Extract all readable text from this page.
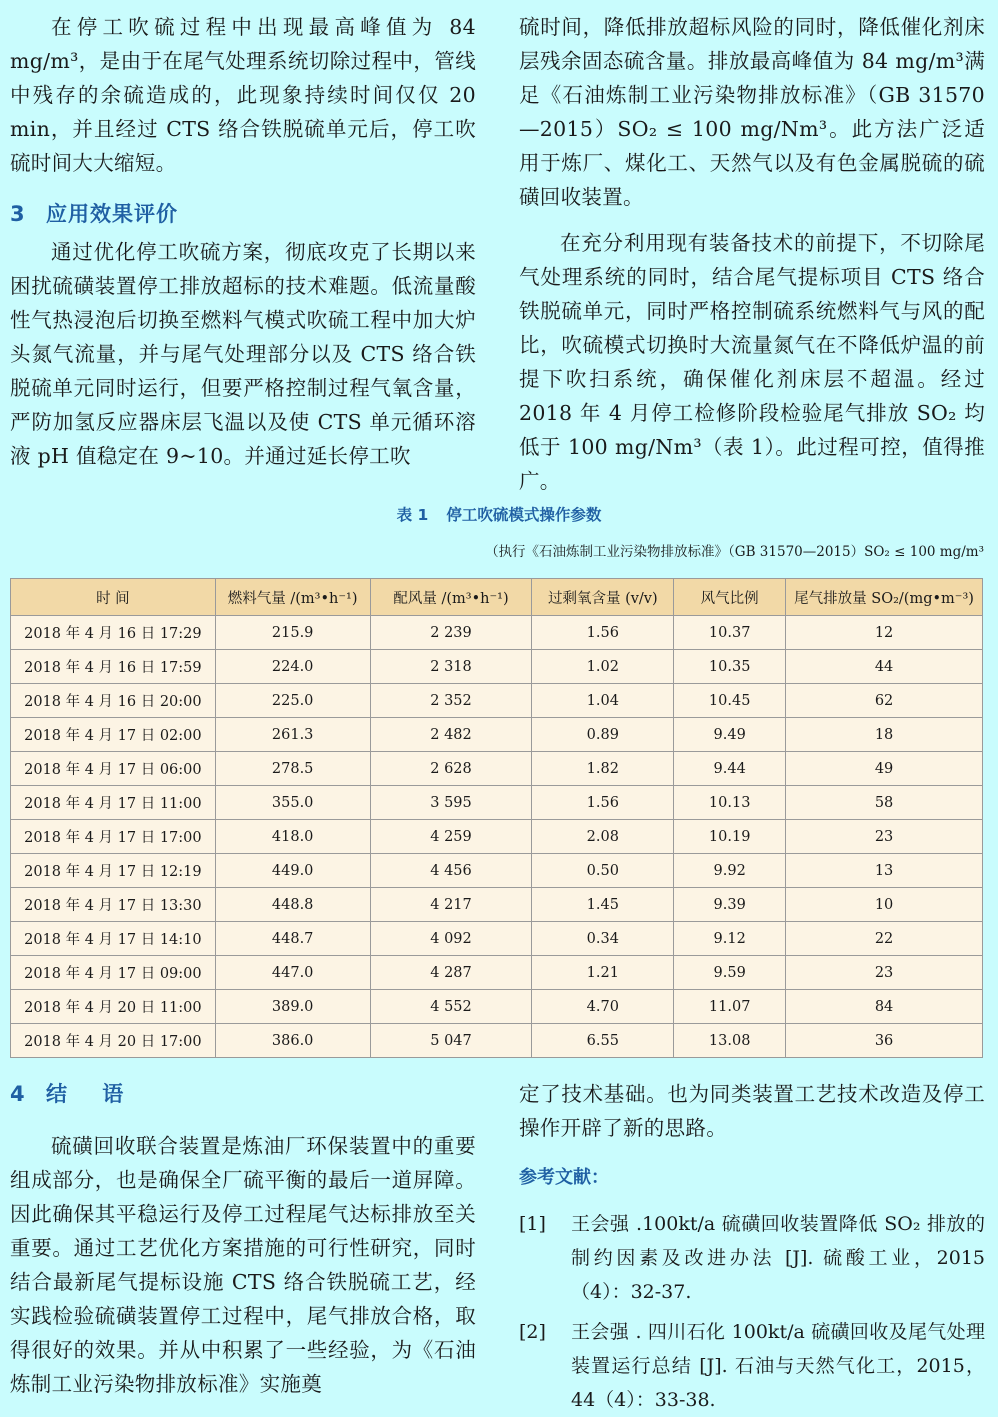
在停工吹硫过程中出现最高峰值为 84 mg/m³，是由于在尾气处理系统切除过程中，管线中残存的余硫造成的，此现象持续时间仅仅 20 min，并且经过 CTS 络合铁脱硫单元后，停工吹硫时间大大缩短。

3 应用效果评价

通过优化停工吹硫方案，彻底攻克了长期以来困扰硫磺装置停工排放超标的技术难题。低流量酸性气热浸泡后切换至燃料气模式吹硫工程中加大炉头氮气流量，并与尾气处理部分以及 CTS 络合铁脱硫单元同时运行，但要严格控制过程气氧含量，严防加氢反应器床层飞温以及使 CTS 单元循环溶液 pH 值稳定在 9~10。并通过延长停工吹

硫时间，降低排放超标风险的同时，降低催化剂床层残余固态硫含量。排放最高峰值为 84 mg/m³满足《石油炼制工业污染物排放标准》（GB 31570—2015）SO₂ ≤ 100 mg/Nm³。此方法广泛适用于炼厂、煤化工、天然气以及有色金属脱硫的硫磺回收装置。

在充分利用现有装备技术的前提下，不切除尾气处理系统的同时，结合尾气提标项目 CTS 络合铁脱硫单元，同时严格控制硫系统燃料气与风的配比，吹硫模式切换时大流量氮气在不降低炉温的前提下吹扫系统，确保催化剂床层不超温。经过 2018 年 4 月停工检修阶段检验尾气排放 SO₂ 均低于 100 mg/Nm³（表 1）。此过程可控，值得推广。

表 1 停工吹硫模式操作参数
（执行《石油炼制工业污染物排放标准》（GB 31570—2015）SO₂ ≤ 100 mg/m³
时 间	燃料气量 /(m³•h⁻¹)	配风量 /(m³•h⁻¹)	过剩氧含量 (v/v)	风气比例	尾气排放量 SO₂/(mg•m⁻³)
2018 年 4 月 16 日 17:29	215.9	2 239	1.56	10.37	12
2018 年 4 月 16 日 17:59	224.0	2 318	1.02	10.35	44
2018 年 4 月 16 日 20:00	225.0	2 352	1.04	10.45	62
2018 年 4 月 17 日 02:00	261.3	2 482	0.89	9.49	18
2018 年 4 月 17 日 06:00	278.5	2 628	1.82	9.44	49
2018 年 4 月 17 日 11:00	355.0	3 595	1.56	10.13	58
2018 年 4 月 17 日 17:00	418.0	4 259	2.08	10.19	23
2018 年 4 月 17 日 12:19	449.0	4 456	0.50	9.92	13
2018 年 4 月 17 日 13:30	448.8	4 217	1.45	9.39	10
2018 年 4 月 17 日 14:10	448.7	4 092	0.34	9.12	22
2018 年 4 月 17 日 09:00	447.0	4 287	1.21	9.59	23
2018 年 4 月 20 日 11:00	389.0	4 552	4.70	11.07	84
2018 年 4 月 20 日 17:00	386.0	5 047	6.55	13.08	36
4 结 语

硫磺回收联合装置是炼油厂环保装置中的重要组成部分，也是确保全厂硫平衡的最后一道屏障。因此确保其平稳运行及停工过程尾气达标排放至关重要。通过工艺优化方案措施的可行性研究，同时结合最新尾气提标设施 CTS 络合铁脱硫工艺，经实践检验硫磺装置停工过程中，尾气排放合格，取得很好的效果。并从中积累了一些经验，为《石油炼制工业污染物排放标准》实施奠

定了技术基础。也为同类装置工艺技术改造及停工操作开辟了新的思路。

参考文献：
[1]	王会强 .100kt/a 硫磺回收装置降低 SO₂ 排放的制约因素及改进办法 [J]. 硫酸工业，2015（4）：32-37.
[2]	王会强 . 四川石化 100kt/a 硫磺回收及尾气处理装置运行总结 [J]. 石油与天然气化工，2015，44（4）：33-38.
